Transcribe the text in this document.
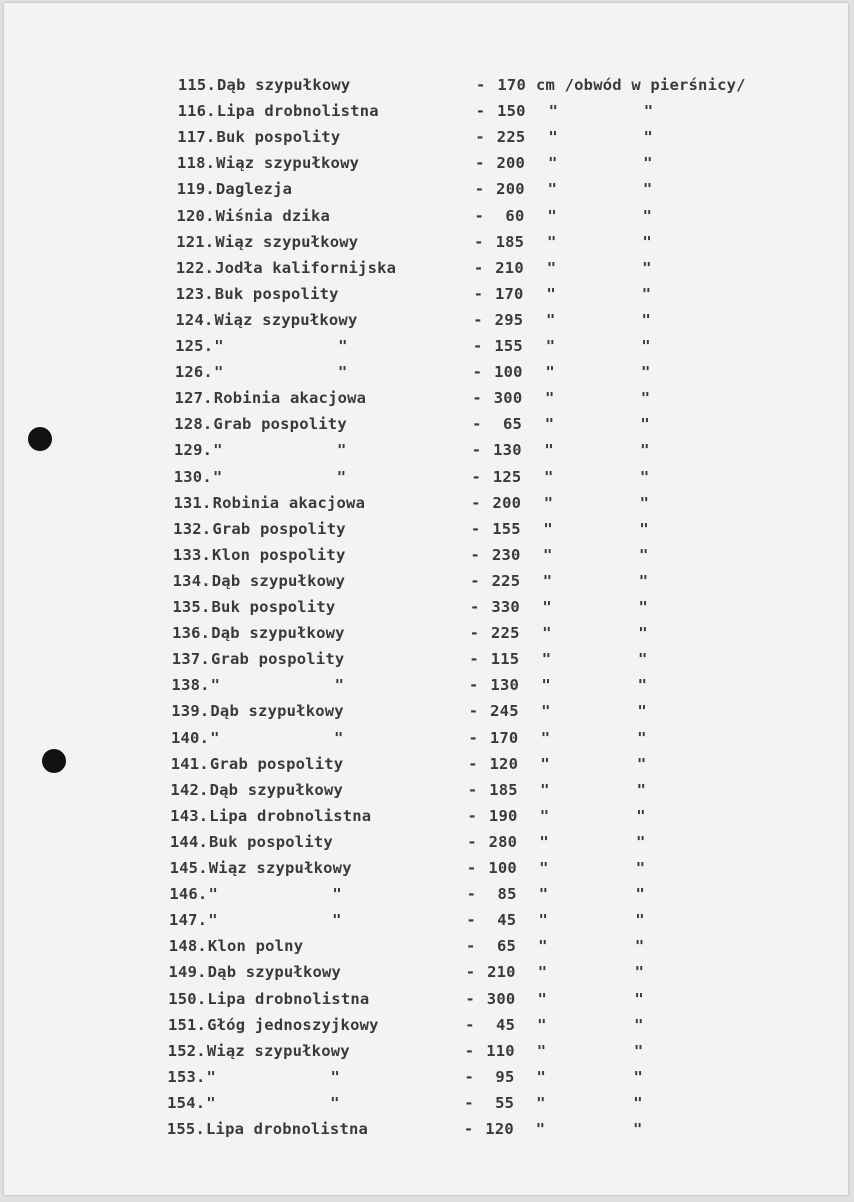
115. Dąb szypułkowy	- 170 cm /obwód w pierśnicy/
116. Lipa drobnolistna	- 150 "	"
117. Buk pospolity	- 225 "	"
118. Wiąz szypułkowy	- 200 "	"
119. Daglezja	- 200 "	"
120. Wiśnia dzika	-	60 "	"
121. Wiąz szypułkowy	- 185 "	"
122. Jodła kalifornijska	- 210 "	"
123. Buk pospolity	- 170 "	"
124. Wiąz szypułkowy	- 295 "	"
125. "            "	- 155 "	"
126. "            "	- 100 "	"
127. Robinia akacjowa	- 300 "	"
128. Grab pospolity	-	65 "	"
129. "            "	- 130 "	"
130. "            "	- 125 "	"
131. Robinia akacjowa	- 200 "	"
132. Grab pospolity	- 155 "	"
133. Klon pospolity	- 230 "	"
134. Dąb szypułkowy	- 225 "	"
135. Buk pospolity	- 330 "	"
136. Dąb szypułkowy	- 225 "	"
137. Grab pospolity	- 115 "	"
138. "            "	- 130 "	"
139. Dąb szypułkowy	- 245 "	"
140. "            "	- 170 "	"
141. Grab pospolity	- 120 "	"
142. Dąb szypułkowy	- 185 "	"
143. Lipa drobnolistna	- 190 "	"
144. Buk pospolity	- 280 "	"
145. Wiąz szypułkowy	- 100 "	"
146. "            "	-	85 "	"
147. "            "	-	45 "	"
148. Klon polny	-	65 "	"
149. Dąb szypułkowy	- 210 "	"
150. Lipa drobnolistna	- 300 "	"
151. Głóg jednoszyjkowy	-	45 "	"
152. Wiąz szypułkowy	- 110 "	"
153. "            "	-	95 "	"
154. "            "	-	55 "	"
155. Lipa drobnolistna	- 120 "	"
